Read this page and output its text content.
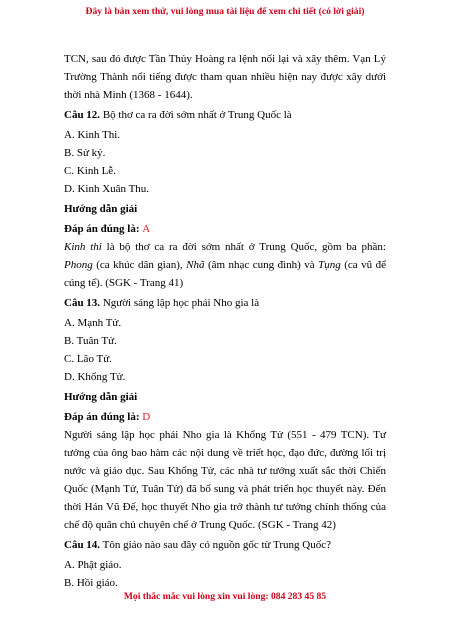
Đây là bản xem thử, vui lòng mua tài liệu để xem chi tiết (có lời giải)

TCN, sau đó được Tần Thủy Hoàng ra lệnh nối lại và xây thêm. Vạn Lý Trường Thành nổi tiếng được tham quan nhiều hiện nay được xây dưới thời nhà Minh (1368 - 1644).

Câu 12. Bộ thơ ca ra đời sớm nhất ở Trung Quốc là

A. Kinh Thi.

B. Sử ký.

C. Kinh Lễ.

D. Kinh Xuân Thu.

Hướng dẫn giải

Đáp án đúng là: A

Kinh thi là bộ thơ ca ra đời sớm nhất ở Trung Quốc, gồm ba phần: Phong (ca khúc dân gian), Nhã (âm nhạc cung đình) và Tụng (ca vũ để cúng tế). (SGK - Trang 41)

Câu 13. Người sáng lập học phái Nho gia là

A. Mạnh Tử.

B. Tuân Tử.

C. Lão Tử.

D. Khổng Tử.

Hướng dẫn giải

Đáp án đúng là: D

Người sáng lập học phái Nho gia là Khổng Tử (551 - 479 TCN). Tư tưởng của ông bao hàm các nội dung về triết học, đạo đức, đường lối trị nước và giáo dục. Sau Khổng Tử, các nhà tư tưởng xuất sắc thời Chiến Quốc (Mạnh Tử, Tuân Tử) đã bổ sung và phát triển học thuyết này. Đến thời Hán Vũ Đế, học thuyết Nho gia trở thành tư tưởng chính thống của chế độ quân chủ chuyên chế ở Trung Quốc. (SGK - Trang 42)

Câu 14. Tôn giáo nào sau đây có nguồn gốc từ Trung Quốc?

A. Phật giáo.

B. Hồi giáo.

Mọi thắc mắc vui lòng xin vui lòng: 084 283 45 85
